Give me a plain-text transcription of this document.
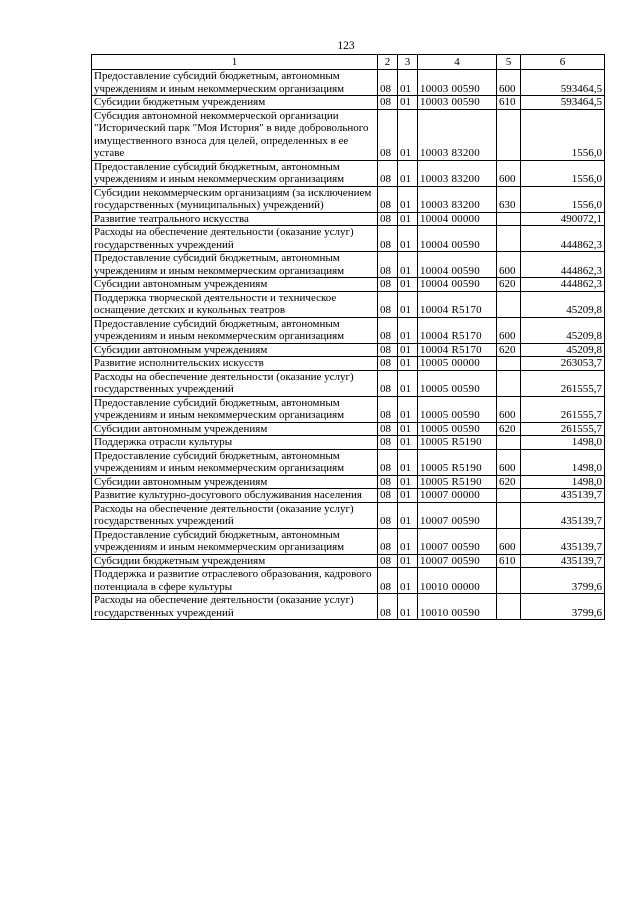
123
1	2	3	4	5	6
Предоставление субсидий бюджетным, автономным учреждениям и иным некоммерческим организациям	08	01	10003 00590	600	593464,5
Субсидии бюджетным учреждениям	08	01	10003 00590	610	593464,5
Субсидия автономной некоммерческой организации "Исторический парк "Моя История" в виде добровольного имущественного взноса для целей, определенных в ее уставе	08	01	10003 83200		1556,0
Предоставление субсидий бюджетным, автономным учреждениям и иным некоммерческим организациям	08	01	10003 83200	600	1556,0
Субсидии некоммерческим организациям (за исключением государственных (муниципальных) учреждений)	08	01	10003 83200	630	1556,0
Развитие театрального искусства	08	01	10004 00000		490072,1
Расходы на обеспечение деятельности (оказание услуг) государственных учреждений	08	01	10004 00590		444862,3
Предоставление субсидий бюджетным, автономным учреждениям и иным некоммерческим организациям	08	01	10004 00590	600	444862,3
Субсидии автономным учреждениям	08	01	10004 00590	620	444862,3
Поддержка творческой деятельности и техническое оснащение детских и кукольных театров	08	01	10004 R5170		45209,8
Предоставление субсидий бюджетным, автономным учреждениям и иным некоммерческим организациям	08	01	10004 R5170	600	45209,8
Субсидии автономным учреждениям	08	01	10004 R5170	620	45209,8
Развитие исполнительских искусств	08	01	10005 00000		263053,7
Расходы на обеспечение деятельности (оказание услуг) государственных учреждений	08	01	10005 00590		261555,7
Предоставление субсидий бюджетным, автономным учреждениям и иным некоммерческим организациям	08	01	10005 00590	600	261555,7
Субсидии автономным учреждениям	08	01	10005 00590	620	261555,7
Поддержка отрасли культуры	08	01	10005 R5190		1498,0
Предоставление субсидий бюджетным, автономным учреждениям и иным некоммерческим организациям	08	01	10005 R5190	600	1498,0
Субсидии автономным учреждениям	08	01	10005 R5190	620	1498,0
Развитие культурно-досугового обслуживания населения	08	01	10007 00000		435139,7
Расходы на обеспечение деятельности (оказание услуг) государственных учреждений	08	01	10007 00590		435139,7
Предоставление субсидий бюджетным, автономным учреждениям и иным некоммерческим организациям	08	01	10007 00590	600	435139,7
Субсидии бюджетным учреждениям	08	01	10007 00590	610	435139,7
Поддержка и развитие отраслевого образования, кадрового потенциала в сфере культуры	08	01	10010 00000		3799,6
Расходы на обеспечение деятельности (оказание услуг) государственных учреждений	08	01	10010 00590		3799,6
